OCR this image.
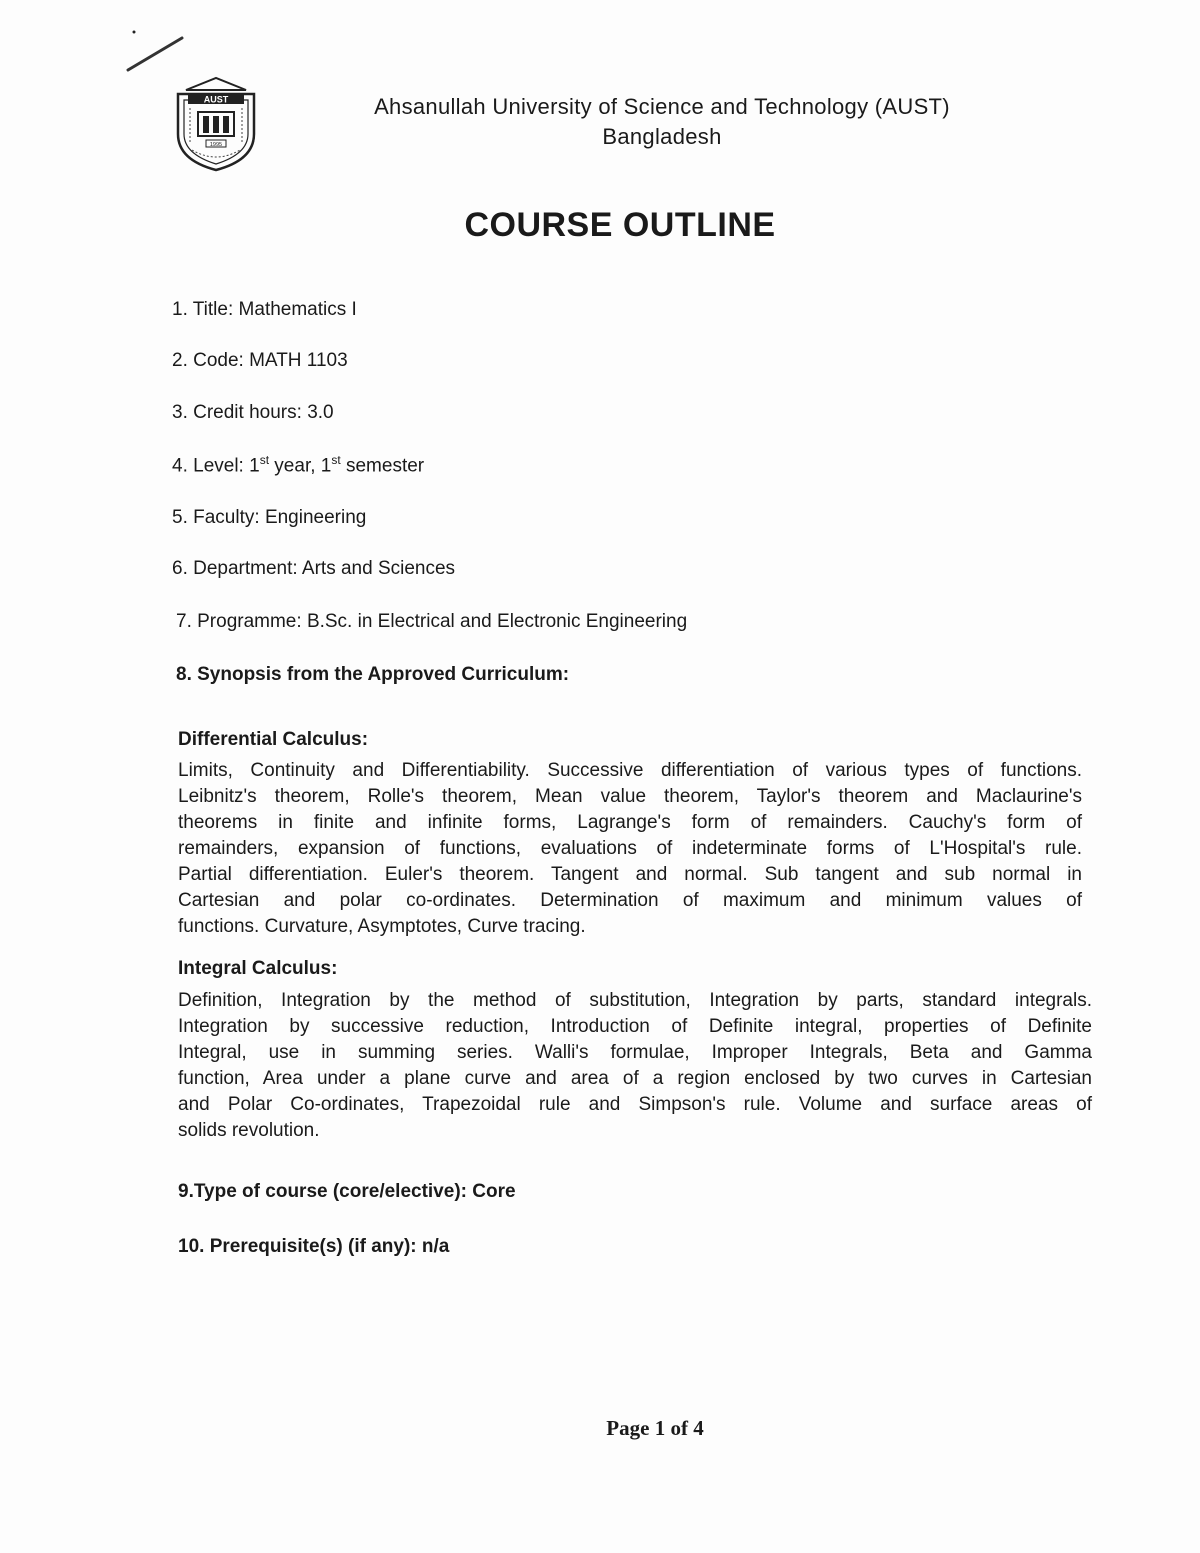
AUST
1995
Ahsanullah University of Science and Technology (AUST)
Bangladesh
COURSE OUTLINE
1. Title: Mathematics I
2. Code: MATH 1103
3. Credit hours: 3.0
4. Level: 1st year, 1st semester
5. Faculty: Engineering
6. Department: Arts and Sciences
7. Programme: B.Sc. in Electrical and Electronic Engineering
8. Synopsis from the Approved Curriculum:
Differential Calculus:
Limits, Continuity and Differentiability. Successive differentiation of various types of functions.
Leibnitz's theorem, Rolle's theorem, Mean value theorem, Taylor's theorem and Maclaurine's
theorems in finite and infinite forms, Lagrange's form of remainders. Cauchy's form of
remainders, expansion of functions, evaluations of indeterminate forms of L'Hospital's rule.
Partial differentiation. Euler's theorem. Tangent and normal. Sub tangent and sub normal in
Cartesian and polar co-ordinates. Determination of maximum and minimum values of
functions. Curvature, Asymptotes, Curve tracing.
Integral Calculus:
Definition, Integration by the method of substitution, Integration by parts, standard integrals.
Integration by successive reduction, Introduction of Definite integral, properties of Definite
Integral, use in summing series. Walli's formulae, Improper Integrals, Beta and Gamma
function, Area under a plane curve and area of a region enclosed by two curves in Cartesian
and Polar Co-ordinates, Trapezoidal rule and Simpson's rule. Volume and surface areas of
solids revolution.
9.Type of course (core/elective): Core
10. Prerequisite(s) (if any): n/a
Page 1 of 4
